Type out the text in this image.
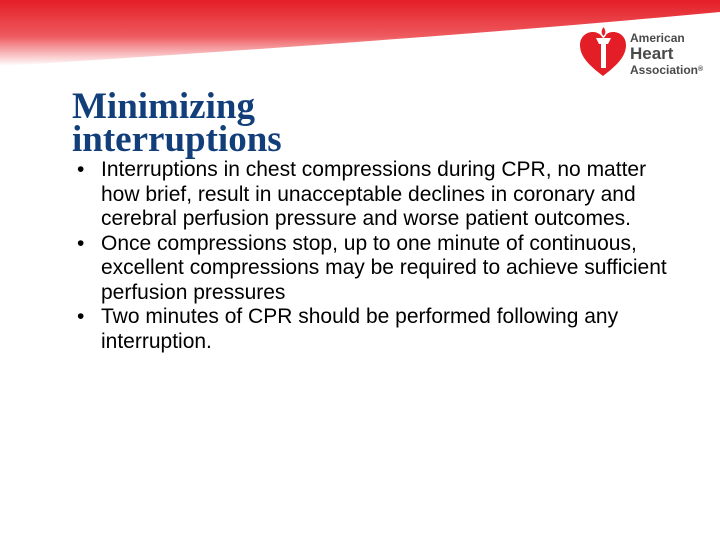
American
Heart
Association®
Minimizing
interruptions
• Interruptions in chest compressions during CPR, no matter how brief, result in unacceptable declines in coronary and cerebral perfusion pressure and worse patient outcomes.
• Once compressions stop, up to one minute of continuous, excellent compressions may be required to achieve sufficient perfusion pressures
• Two minutes of CPR should be performed following any interruption.
